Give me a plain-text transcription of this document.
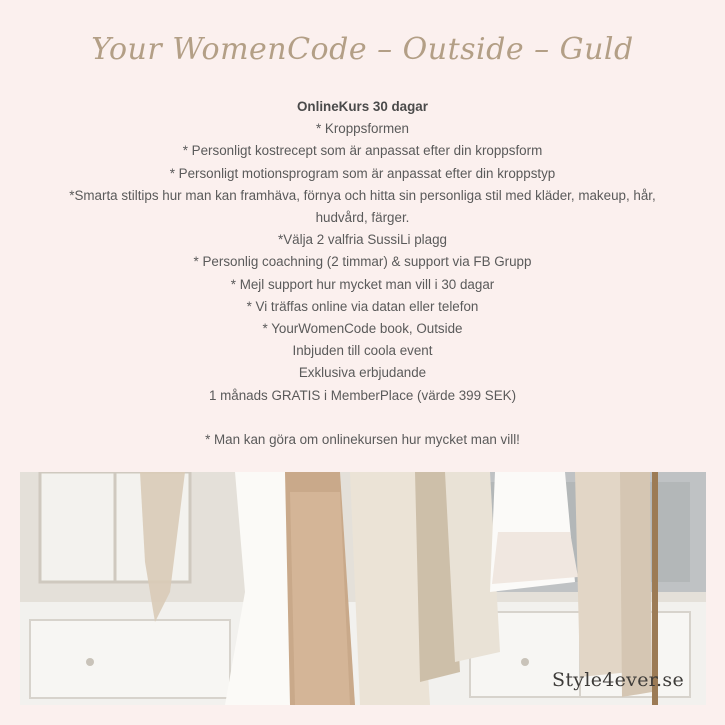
Your WomenCode – Outside – Guld
OnlineKurs 30 dagar
* Kroppsformen
* Personligt kostrecept som är anpassat efter din kroppsform
* Personligt motionsprogram som är anpassat efter din kroppstyp
*Smarta stiltips hur man kan framhäva, förnya och hitta sin personliga stil med kläder, makeup, hår,
hudvård, färger.
*Välja 2 valfria SussiLi plagg
* Personlig coachning (2 timmar) & support via FB Grupp
* Mejl support hur mycket man vill i 30 dagar
* Vi träffas online via datan eller telefon
* YourWomenCode book, Outside
Inbjuden till coola event
Exklusiva erbjudande
1 månads GRATIS i MemberPlace (värde 399 SEK)
* Man kan göra om onlinekursen hur mycket man vill!
Style4ever.se
